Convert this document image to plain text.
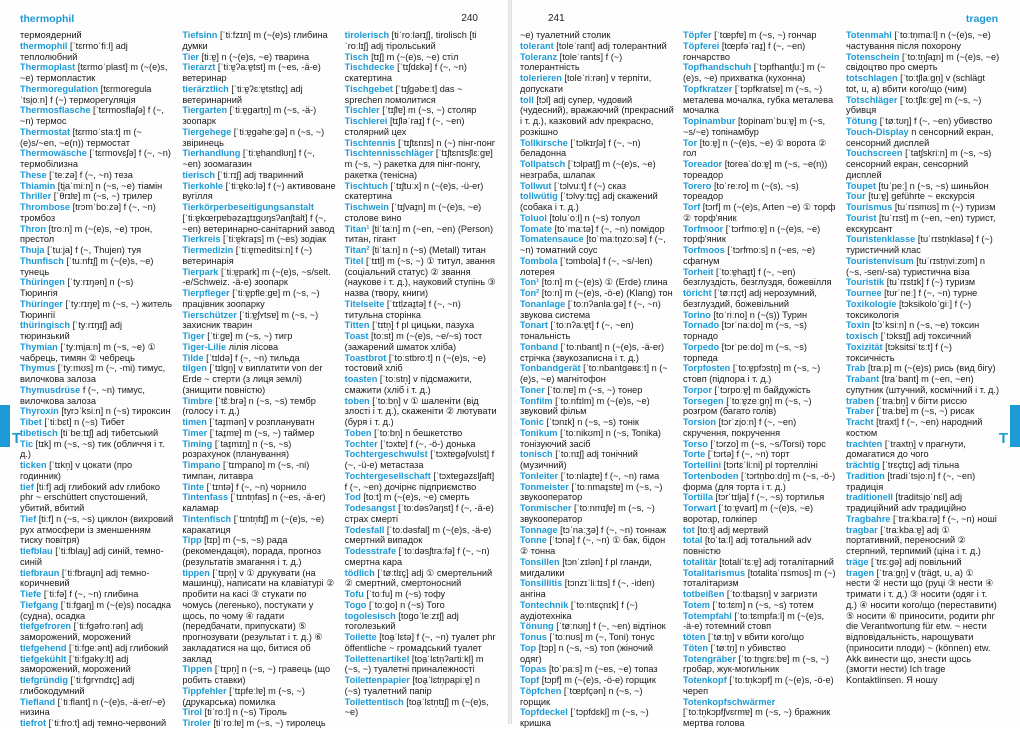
thermophil	240

термоядерний

thermophil [ˈtɛrmoˈfiːl] adj теплолюбний

Thermoplast [tɛrmoˈplast] m (~(e)s, ~e) термопластик

Thermoregulation [tɛrmoreɡulaˈtsi̯oːn] f (~) терморегуляція

Thermosflasche [ˈtɛrmosflaʃə] f (~, ~n) термос

Thermostat [tɛrmoˈstaːt] m (~(e)s/~en, ~e(n)) термостат

Thermowäsche [ˈtɛrmovɛʃə] f (~, ~n) термобілизна

These [ˈteːzə] f (~, ~n) теза

Thiamin [ti̯aˈmiːn] n (~s, ~e) тіамін

Thriller [ˈθrɪlɐ] m (~s, ~) трилер

Thrombose [trɔmˈboːzə] f (~, ~n) тромбоз

Thron [troːn] m (~(e)s, ~e) трон, престол

Thuja [ˈtuːja] f (~, Thujen) туя

Thunfisch [ˈtuːnfɪʃ] m (~(e)s, ~e) тунець

Thüringen [ˈtyːrɪŋən] n (~s) Тюрингія

Thüringer [ˈtyːrɪŋɐ] m (~s, ~) житель Тюрингії

thüringisch [ˈtyːrɪŋɪʃ] adj тюринзький

Thymian [ˈtyːmi̯aːn] m (~s, ~e) ① чабрець, тимян ② чебрець

Thymus [ˈtyːmʊs] m (~, -mi) тимус, вилочкова залоза

Thymusdrüse f (~, ~n) тимус, вилочкова залоза

Thyroxin [tyrɔˈksiːn] n (~s) тироксин

Tibet [ˈtiːbɛt] n (~s) Тибет

tibetisch [tiˈbeːtɪʃ] adj тибетський

Tic [tɪk] m (~s, ~s) тик (обличчя і т. д.)

ticken [ˈtɪkn̩] v цокати (про годинник)

tief [tiːf] adj глибокий adv глибоко phr ~ erschüttert спустошений, убитий, вбитий

Tief [tiːf] n (~s, ~s) циклон (вихровий рух атмосфери із зменшенням тиску повітря)

tiefblau [ˈtiːfblau̯] adj синій, темно-синій

tiefbraun [ˈtiːfbrau̯n] adj темно-коричневий

Tiefe [ˈtiːfə] f (~, ~n) глибина

Tiefgang [ˈtiːfɡaŋ] m (~(e)s) посадка (судна), осадка

tiefgefroren [ˈtiːfɡəfroːrən] adj заморожений, морожений

tiefgehend [ˈtiːfɡeːənt] adj глибокий

tiefgekühlt [ˈtiːfɡəkyːlt] adj заморожений, морожений

tiefgründig [ˈtiːfɡrʏndɪç] adj глибокодумний

Tiefland [ˈtiːflant] n (~(e)s, -ä-er/~e) низина

tiefrot [ˈtiːfroːt] adj темно-червоний

Tiefsinn [ˈtiːfzɪn] m (~(e)s) глибина думки

Tier [tiːɐ̯] n (~(e)s, ~e) тварина

Tierarzt [ˈtiːɐ̯ʔaːɐ̯tst] m (~es, -ä-e) ветеринар

tierärztlich [ˈtiːɐ̯ʔɛːɐ̯tstlɪç] adj ветеринарний

Tiergarten [ˈtiːɐ̯ɡartn̩] m (~s, -ä-) зоопарк

Tiergehege [ˈtiːɐ̯ɡəheːɡə] n (~s, ~) звіринець

Tierhandlung [ˈtiːɐ̯handlʊŋ] f (~, ~en) зоомагазин

tierisch [ˈtiːrɪʃ] adj тваринний

Tierkohle [ˈtiːɐ̯koːlə] f (~) активоване вугілля

Tierkörperbeseitigungsanstalt [ˈtiːɐ̯kœrpɐbəzaɪ̯tɪɡʊŋsʔanʃtalt] f (~, ~en) ветеринарно-санітарний завод

Tierkreis [ˈtiːɐ̯kraɪ̯s] m (~es) зодіак

Tiermedizin [ˈtiːɐ̯meditsiːn] f (~) ветеринарія

Tierpark [ˈtiːɐ̯park] m (~(e)s, ~s/selt. -e/Schweiz. -ä-e) зоопарк

Tierpfleger [ˈtiːɐ̯pfleːɡɐ] m (~s, ~) працівник зоопарку

Tierschützer [ˈtiːɐ̯ʃʏtsɐ] m (~s, ~) захисник тварин

Tiger [ˈtiːɡɐ] m (~s, ~) тигр

Tiger-Lilie лілія лісова

Tilde [ˈtɪldə] f (~, ~n) тильда

tilgen [ˈtɪlɡn̩] v виплатити von der Erde ~ стерти (з лиця землі) (знищити повністю)

Timbre [ˈtɛ̃ːbrə] n (~s, ~s) тембр (голосу і т. д.)

timen [ˈtaɪ̯mən] v розплануватн

Timer [ˈtaɪ̯mɐ] m (~s, ~) таймер

Timing [ˈtaɪ̯mɪŋ] n (~s, ~s) розрахунок (планування)

Timpano [ˈtɪmpano] m (~s, -ni) тимпан, литавра

Tinte [ˈtɪntə] f (~, ~n) чорнило

Tintenfass [ˈtɪntn̩fas] n (~es, -ä-er) каламар

Tintenfisch [ˈtɪntn̩fɪʃ] m (~(e)s, ~e) каракатиця

Tipp [tɪp] m (~s, ~s) рада (рекомендація), порада, прогноз (результатів змагання і т. д.)

tippen [ˈtɪpn̩] v ① друкувати (на машинці), написати на клавіатурі ② пробити на касі ③ стукати по чомусь (легенько), постукати у щось, по чому ④ гадати (передбачати, припускати) ⑤ прогнозувати (результат і т. д.) ⑥ закладатися на що, битися об заклад

Tippen [ˈtɪpn̩] n (~s, ~) гравець (що робить ставки)

Tippfehler [ˈtɪpfeːlɐ] m (~s, ~) (друкарська) помилка

Tirol [tiˈroːl] n (~s) Тіроль

Tiroler [tiˈroːlɐ] m (~s, ~) тиролець

tirolerisch [tiˈroːlərɪʃ], tirolisch [tiˈroːlɪʃ] adj тірольський

Tisch [tɪʃ] m (~(e)s, ~e) стіл

Tischdecke [ˈtɪʃdɛkə] f (~, ~n) скатертина

Tischgebet [ˈtɪʃɡəbeːt] das ~ sprechen помолитися

Tischler [ˈtɪʃlɐ] m (~s, ~) столяр

Tischlerei [tɪʃləˈraɪ̯] f (~, ~en) столярний цех

Tischtennis [ˈtɪʃtɛnɪs] n (~) пінг-понг

Tischtennisschläger [ˈtɪʃtɛnɪsʃlɛːɡɐ] m (~s, ~) ракетка для пінг-понгу, ракетка (тенісна)

Tischtuch [ˈtɪʃtuːx] n (~(e)s, -ü-er) скатертина

Tischwein [ˈtɪʃvaɪ̯n] m (~(e)s, ~e) столове вино

Titan¹ [tiˈtaːn] m (~en, ~en) (Person) титан, гігант

Titan² [tiˈtaːn] n (~s) (Metall) титан

Titel [ˈtɪtl̩] m (~s, ~) ① титул, звання (соціальний статус) ② звання (наукове і т. д.), науковий ступінь ③ назва (твору, книги)

Titelseite [ˈtɪtl̩zaɪ̯tə] f (~, ~n) титульна сторінка

Titten [ˈtɪtn̩] f pl цицьки, пазуха

Toast [toːst] m (~(e)s, ~e/~s) тост (зажарений шматок хліба)

Toastbrot [ˈtoːstbroːt] n (~(e)s, ~e) тостовий хліб

toasten [ˈtoːstn̩] v підсмажити, смажити (хліб і т. д.)

toben [ˈtoːbn̩] v ① шаленіти (від злості і т. д.), скаженіти ② лютувати (буря і т. д.)

Toben [ˈtoːbn̩] n бешкетство

Tochter [ˈtɔxtɐ] f (~, -ö-) донька

Tochtergeschwulst [ˈtɔxtɐɡəʃvʊlst] f (~, -ü-e) метастаза

Tochtergesellschaft [ˈtɔxtɐɡəzɛlʃaft] f (~, ~en) дочірнє підприємство

Tod [toːt] m (~(e)s, ~e) смерть

Todesangst [ˈtoːdəsʔaŋst] f (~, -ä-e) страх смерті

Todesfall [ˈtoːdəsfal] m (~(e)s, -ä-e) смертний випадок

Todesstrafe [ˈtoːdəsʃtraːfə] f (~, ~n) смертна кара

tödlich [ˈtøːtlɪç] adj ① смертельний ② смертний, смертоносний

Tofu [ˈtoːfu] m (~s) тофу

Togo [ˈtoːɡo] n (~s) Того

togolesisch [toɡoˈleːzɪʃ] adj тоголезький

Toilette [toa̯ˈlɛtə] f (~, ~n) туалет phr öffentliche ~ громадський туалет

Toilettenartikel [toa̯ˈlɛtn̩ʔartiːkl̩] m (~s, ~) туалетні приналежності

Toilettenpapier [toa̯ˈlɛtn̩papiːɐ̯] n (~s) туалетний папір

Toilettentisch [toa̯ˈlɛtn̩tɪʃ] m (~(e)s, ~e)

T
241	tragen

~e) туалетний столик

tolerant [toleˈrant] adj толерантний

Toleranz [toleˈrants] f (~) толерантність

tolerieren [toleˈriːrən] v терпіти, допускати

toll [tɔl] adj супер, чудовий (чудесний), вражаючий (прекрасний і т. д.), казковий adv прекрасно, розкішно

Tollkirsche [ˈtɔlkɪrʃə] f (~, ~n) беладонна

Tollpatsch [ˈtɔlpatʃ] m (~(e)s, ~e) незграба, шлапак

Tollwut [ˈtɔlvuːt] f (~) сказ

tollwütig [ˈtɔlvyːtɪç] adj скажений (собака і т. д.)

Toluol [toluˈoːl] n (~s) толуол

Tomate [toˈmaːtə] f (~, ~n) помідор

Tomatensauce [toˈmaːtn̩zoːsə] f (~, ~n) томатний соус

Tombola [ˈtɔmbola] f (~, ~s/-len) лотерея

Ton¹ [toːn] m (~(e)s) ① (Erde) глина

Ton² [toːn] m (~(e)s, -ö-e) (Klang) тон

Tonanlage [ˈtoːnʔanlaːɡə] f (~, ~n) звукова система

Tonart [ˈtoːnʔaːɐ̯t] f (~, ~en) тональність

Tonband [ˈtoːnbant] n (~(e)s, -ä-er) стрічка (звукозаписна і т. д.)

Tonbandgerät [ˈtoːnbantɡəʁɛːt] n (~(e)s, ~e) магнітофон

Toner [ˈtoːnɐ] m (~s, ~) тонер

Tonfilm [ˈtoːnfɪlm] m (~(e)s, ~e) звуковий фільм

Tonic [ˈtɔnɪk] n (~s, ~s) тонік

Tonikum [ˈtoːnikʊm] n (~s, Tonika) тонізуючий засіб

tonisch [ˈtoːnɪʃ] adj тонічний (музичний)

Tonleiter [ˈtoːnlaɪ̯tɐ] f (~, ~n) гама

Tonmeister [ˈtoːnmaɪ̯stɐ] m (~s, ~) звукооператор

Tonmischer [ˈtoːnmɪʃɐ] m (~s, ~) звукооператор

Tonnage [tɔˈnaːʒə] f (~, ~n) тоннаж

Tonne [ˈtɔnə] f (~, ~n) ① бак, бідон ② тонна

Tonsillen [tɔnˈzɪlən] f pl гланди, мигдалики

Tonsillitis [tɔnzɪˈliːtɪs] f (~, -iden) ангіна

Tontechnik [ˈtoːntɛçnɪk] f (~) аудіотехніка

Tönung [ˈtøːnʊŋ] f (~, ~en) відтінок

Tonus [ˈtoːnʊs] m (~, Toni) тонус

Top [tɔp] n (~s, ~s) топ (жіночий одяг)

Topas [toˈpaːs] m (~es, ~e) топаз

Topf [tɔpf] m (~(e)s, -ö-e) горщик

Töpfchen [ˈtœpfçən] n (~s, ~) горщик

Topfdeckel [ˈtɔpfdɛkl̩] m (~s, ~) кришка

Töpfer [ˈtœpfɐ] m (~s, ~) гончар

Töpferei [tœpfəˈraɪ̯] f (~, ~en) гончарство

Topfhandschuh [ˈtɔpfhantʃuː] m (~(e)s, ~e) прихватка (кухонна)

Topfkratzer [ˈtɔpfkratsɐ] m (~s, ~) металева мочалка, губка металева мочалка

Topinambur [topinamˈbuːɐ̯] m (~s, ~s/~e) топінамбур

Tor [toːɐ̯] n (~(e)s, ~e) ① ворота ② гол

Toreador [toreaˈdoːɐ̯] m (~s, ~e(n)) тореадор

Torero [toˈreːro] m (~(s), ~s) тореадор

Torf [tɔrf] m (~(e)s, Arten ~e) ① торф ② торф'яник

Torfmoor [ˈtɔrfmoːɐ̯] n (~(e)s, ~e) торф'яник

Torfmoos [ˈtɔrfmoːs] n (~es, ~e) сфагнум

Torheit [ˈtoːɐ̯haɪ̯t] f (~, ~en) безглуздість, безглуздя, божевілля

töricht [ˈtøːrɪçt] adj нерозумний, безглуздий, божевільний

Torino [toˈriːno] n (~(s)) Турин

Tornado [tɔrˈnaːdo] m (~s, ~s) торнадо

Torpedo [tɔrˈpeːdo] m (~s, ~s) торпеда

Torpfosten [ˈtoːɐ̯pfɔstn̩] m (~s, ~) стовп (підпора і т. д.)

Torpor [ˈtɔrpoːɐ̯] m байдужість

Torsegen [ˈtoːɐ̯zeːɡn̩] m (~s, ~) розгром (багато голів)

Torsion [tɔrˈzi̯oːn] f (~, ~en) скручення, покручення

Torso [ˈtɔrzo] m (~s, ~s/Torsi) торс

Torte [ˈtɔrtə] f (~, ~n) торт

Tortellini [tɔrtɛˈliːni] pl тортелліні

Tortenboden [ˈtɔrtn̩boːdn̩] m (~s, -ö-) форма (для торта і т. д.)

Tortilla [tɔrˈtɪlja] f (~, ~s) тортилья

Torwart [ˈtoːɐ̯vart] m (~(e)s, ~e) воротар, голкіпер

tot [toːt] adj мертвий

total [toˈtaːl] adj тотальний adv повністю

totalitär [totaliˈtɛːɐ̯] adj тоталітарний

Totalitarismus [totalitaˈrɪsmʊs] m (~) тоталітаризм

totbeißen [ˈtoːtbaɪ̯sn̩] v загризти

Totem [ˈtoːtɛm] n (~s, ~s) тотем

Totempfahl [ˈtoːtɛmpfaːl] m (~(e)s, -ä-e) тотемний стовп

töten [ˈtøːtn̩] v вбити кого/що

Töten [ˈtøːtn̩] n убивство

Totengräber [ˈtoːtn̩ɡrɛːbɐ] m (~s, ~) гробар, жук-могильник

Totenkopf [ˈtoːtn̩kɔpf] m (~(e)s, -ö-e) череп

Totenkopfschwärmer [ˈtoːtn̩kɔpfʃvɛrmɐ] m (~s, ~) бражник мертва голова

Totenmahl [ˈtoːtn̩maːl] n (~(e)s, ~e) частування після похорону

Totenschein [ˈtoːtn̩ʃaɪ̯n] m (~(e)s, ~e) свідоцтво про смерть

totschlagen [ˈtoːtʃlaːɡn̩] v (schlägt tot, u, a) вбити кого/що (чим)

Totschläger [ˈtoːtʃlɛːɡɐ] m (~s, ~) убивця

Tötung [ˈtøːtʊŋ] f (~, ~en) убивство

Touch-Display n сенсорний екран, сенсорний дисплей

Touchscreen [ˈtatʃskriːn] m (~s, ~s) сенсорний екран, сенсорний дисплей

Toupet [tuˈpeː] n (~s, ~s) шиньйон

Tour [tuːɐ̯] geführte ~ екскурсія

Tourismus [tuˈrɪsmʊs] m (~) туризм

Tourist [tuˈrɪst] m (~en, ~en) турист, екскурсант

Touristenklasse [tuˈrɪstn̩klasə] f (~) туристичний клас

Touristenvisum [tuˈrɪstn̩viːzʊm] n (~s, -sen/-sa) туристична віза

Touristik [tuˈrɪstɪk] f (~) туризм

Tournee [tʊrˈneː] f (~, ~n) турне

Toxikologie [tɔksikoloˈɡiː] f (~) токсикологія

Toxin [tɔˈksiːn] n (~s, ~e) токсин

toxisch [ˈtɔksɪʃ] adj токсичний

Toxizität [tɔksitsiˈtɛːt] f (~) токсичність

Trab [traːp] m (~(e)s) рись (вид бігу)

Trabant [traˈbant] m (~en, ~en) супутник (штучний, космічний і т. д.)

traben [ˈtraːbn̩] v бігти риссю

Traber [ˈtraːbɐ] m (~s, ~) рисак

Tracht [traxt] f (~, ~en) народний костюм

trachten [ˈtraxtn̩] v прагнути, домагатися до чого

trächtig [ˈtrɛçtɪç] adj тільна

Tradition [tradiˈtsi̯oːn] f (~, ~en) традиція

traditionell [traditsi̯oˈnɛl] adj традиційний adv традиційно

Tragbahre [ˈtraːkbaːrə] f (~, ~n) ноші

tragbar [ˈtraːkbaːɐ̯] adj ① портативний, переносний ② стерпний, терпимий (ціна і т. д.)

träge [ˈtrɛːɡə] adj повільний

tragen [ˈtraːɡn̩] v (trägt, u, a) ① нести ② нести що (руці ③ нести ④ тримати і т. д.) ③ носити (одяг і т. д.) ④ носити кого/що (переставити) ⑤ носити ⑥ приносити, родити phr die Verantwortung für etw. ~ нести відповідальність, нарощувати (приносити плоди) ~ (können) etw. Akk винести що, знести щось (змогти нести) Ich trage Kontaktlinsen. Я ношу

T
